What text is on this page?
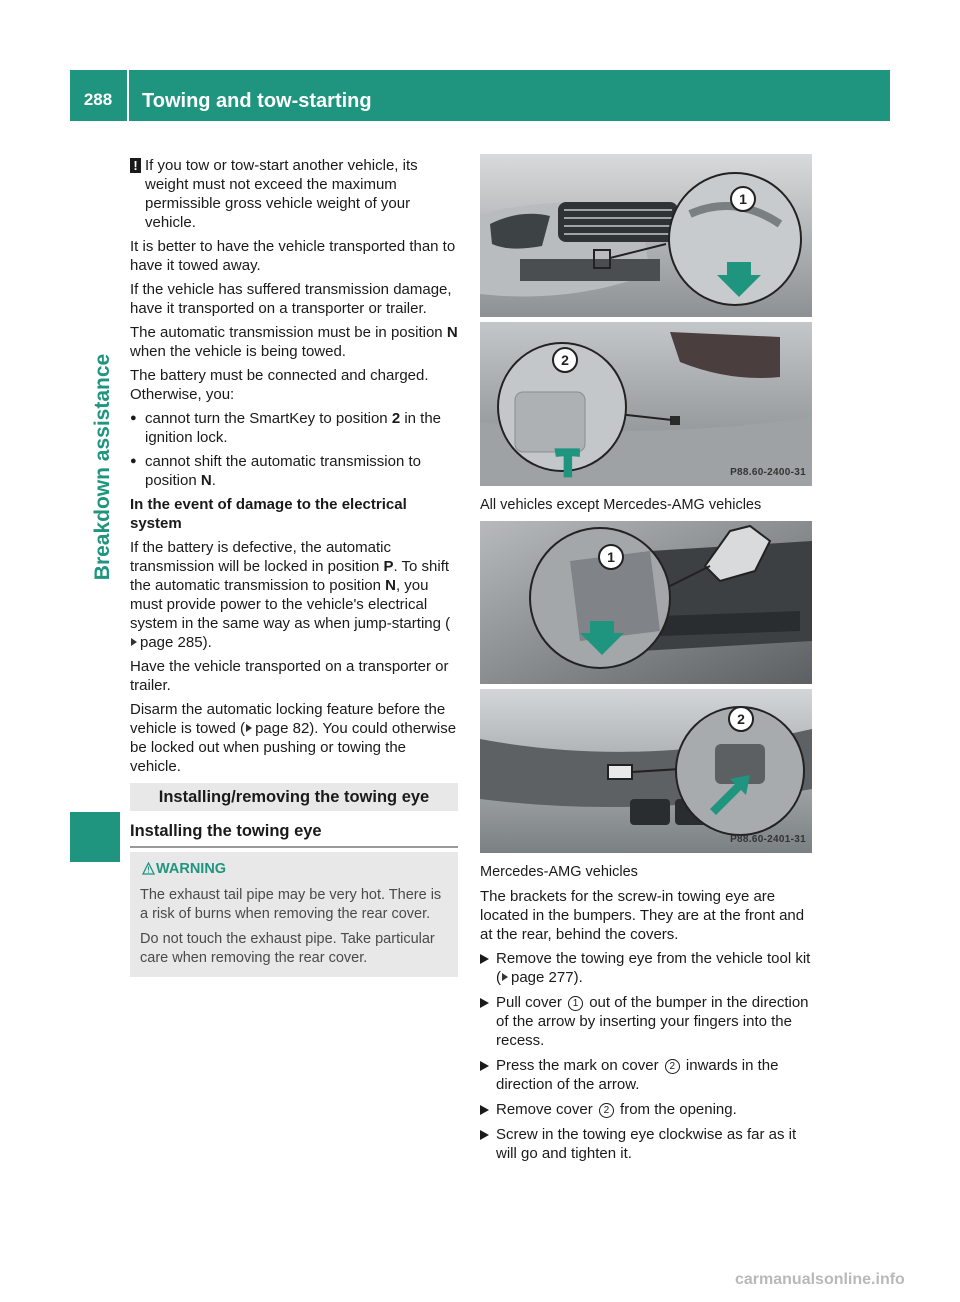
288	Towing and tow-starting
Breakdown assistance

! If you tow or tow-start another vehicle, its weight must not exceed the maximum permissible gross vehicle weight of your vehicle.

It is better to have the vehicle transported than to have it towed away.

If the vehicle has suffered transmission damage, have it transported on a transporter or trailer.

The automatic transmission must be in position N when the vehicle is being towed.

The battery must be connected and charged. Otherwise, you:

● cannot turn the SmartKey to position 2 in the ignition lock.
● cannot shift the automatic transmission to position N.

In the event of damage to the electrical system

If the battery is defective, the automatic transmission will be locked in position P. To shift the automatic transmission to position N, you must provide power to the vehicle's electrical system in the same way as when jump-starting (page 285).

Have the vehicle transported on a transporter or trailer.

Disarm the automatic locking feature before the vehicle is towed ( page 82). You could otherwise be locked out when pushing or towing the vehicle.

Installing/removing the towing eye
Installing the towing eye
WARNING

The exhaust tail pipe may be very hot. There is a risk of burns when removing the rear cover.

Do not touch the exhaust pipe. Take particular care when removing the rear cover.

1
2
P88.60-2400-31
All vehicles except Mercedes-AMG vehicles
1
2
P88.60-2401-31
Mercedes-AMG vehicles

The brackets for the screw-in towing eye are located in the bumpers. They are at the front and at the rear, behind the covers.

Remove the towing eye from the vehicle tool kit ( page 277).
Pull cover 1 out of the bumper in the direction of the arrow by inserting your fingers into the recess.
Press the mark on cover 2 inwards in the direction of the arrow.
Remove cover 2 from the opening.
Screw in the towing eye clockwise as far as it will go and tighten it.
carmanualsonline.info
